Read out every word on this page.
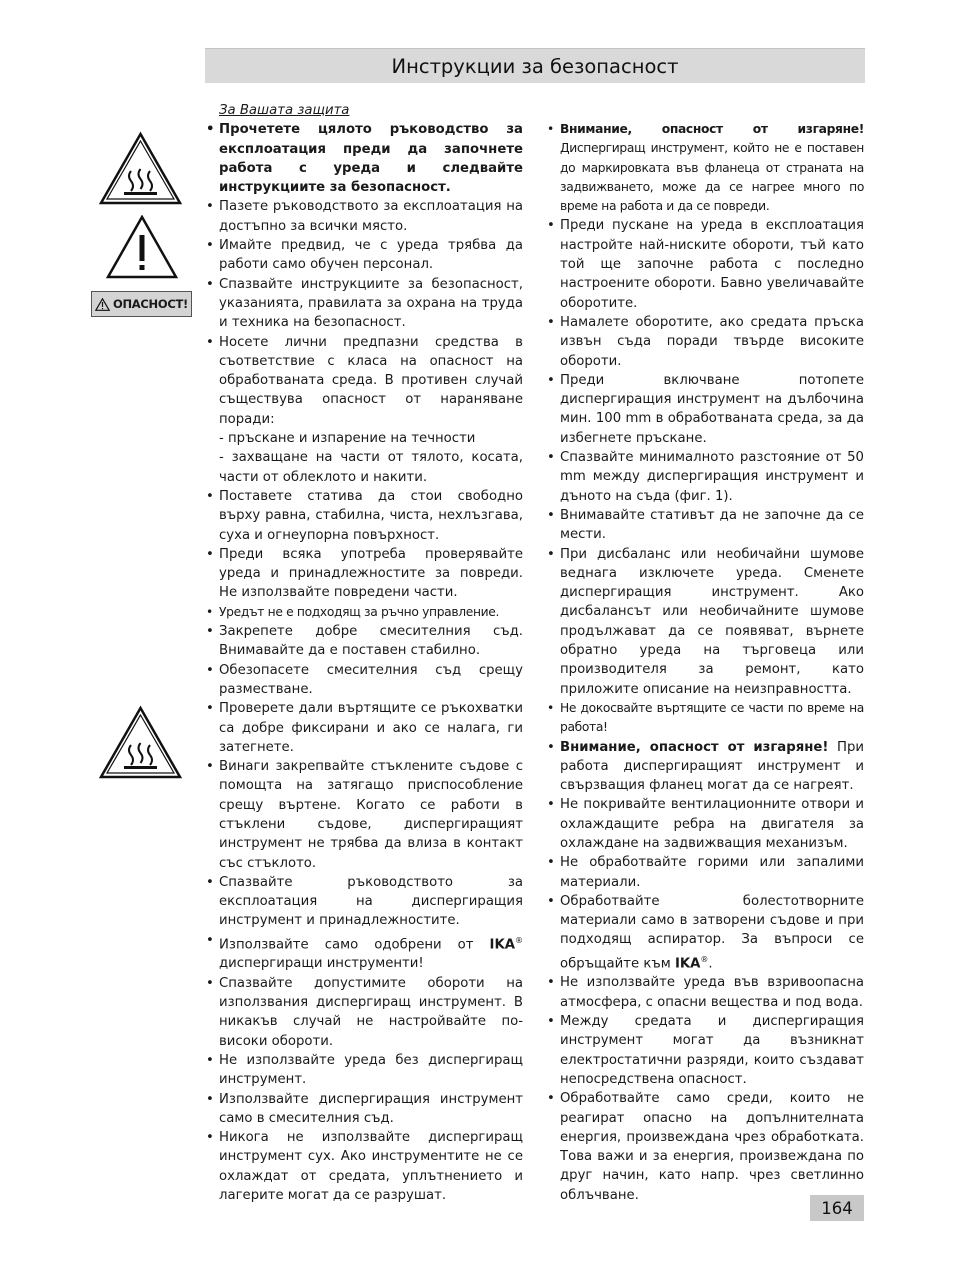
Инструкции за безопасност
ОПАСНОСТ!
За Вашата защита
• Прочетете цялото ръководство за експлоатация преди да започнете работа с уреда и следвайте инструкциите за безопасност.
• Пазете ръководството за експлоатация на достъпно за всички място.
• Имайте предвид, че с уреда трябва да работи само обучен персонал.
• Спазвайте инструкциите за безопасност, указанията, правилата за охрана на труда и техника на безопасност.
• Носете лични предпазни средства в съответствие с класа на опасност на обработваната среда. В противен случай съществува опасност от нараняване поради:
- пръскане и изпарение на течности
- захващане на части от тялото, косата, части от облеклото и накити.
• Поставете статива да стои свободно върху равна, стабилна, чиста, нехлъзгава, суха и огнеупорна повърхност.
• Преди всяка употреба проверявайте уреда и принадлежностите за повреди. Не използвайте повредени части.
• Уредът не е подходящ за ръчно управление.
• Закрепете добре смесителния съд. Внимавайте да е поставен стабилно.
• Обезопасете смесителния съд срещу разместване.
• Проверете дали въртящите се ръкохватки са добре фиксирани и ако се налага, ги затегнете.
• Винаги закрепвайте стъклените съдове с помощта на затягащо приспособление срещу въртене. Когато се работи в стъклени съдове, диспергиращият инструмент не трябва да влиза в контакт със стъклото.
• Спазвайте ръководството за експлоатация на диспергиращия инструмент и принадлежностите.
• Използвайте само одобрени от IKA® диспергиращи инструменти!
• Спазвайте допустимите обороти на използвания диспергиращ инструмент. В никакъв случай не настройвайте по-високи обороти.
• Не използвайте уреда без диспергиращ инструмент.
• Използвайте диспергиращия инструмент само в смесителния съд.
• Никога не използвайте диспергиращ инструмент сух. Ако инструментите не се охлаждат от средата, уплътнението и лагерите могат да се разрушат.
• Внимание, опасност от изгаряне! Диспергиращ инструмент, който не е поставен до маркировката във фланеца от страната на задвижването, може да се нагрее много по време на работа и да се повреди.
• Преди пускане на уреда в експлоатация настройте най-ниските обороти, тъй като той ще започне работа с последно настроените обороти. Бавно увеличавайте оборотите.
• Намалете оборотите, ако средата пръска извън съда поради твърде високите обороти.
• Преди включване потопете диспергиращия инструмент на дълбочина мин. 100 mm в обработваната среда, за да избегнете пръскане.
• Спазвайте минималното разстояние от 50 mm между диспергиращия инструмент и дъното на съда (фиг. 1).
• Внимавайте стативът да не започне да се мести.
• При дисбаланс или необичайни шумове веднага изключете уреда. Сменете диспергиращия инструмент. Ако дисбалансът или необичайните шумове продължават да се появяват, върнете обратно уреда на търговеца или производителя за ремонт, като приложите описание на неизправността.
• Не докосвайте въртящите се части по време на работа!
• Внимание, опасност от изгаряне! При работа диспергиращият инструмент и свързващия фланец могат да се нагреят.
• Не покривайте вентилационните отвори и охлаждащите ребра на двигателя за охлаждане на задвижващия механизъм.
• Не обработвайте горими или запалими материали.
• Обработвайте болестотворните материали само в затворени съдове и при подходящ аспиратор. За въпроси се обръщайте към IKA®.
• Не използвайте уреда във взривоопасна атмосфера, с опасни вещества и под вода.
• Между средата и диспергиращия инструмент могат да възникнат електростатични разряди, които създават непосредствена опасност.
• Обработвайте само среди, които не реагират опасно на допълнителната енергия, произвеждана чрез обработката. Това важи и за енергия, произвеждана по друг начин, като напр. чрез светлинно облъчване.
164
